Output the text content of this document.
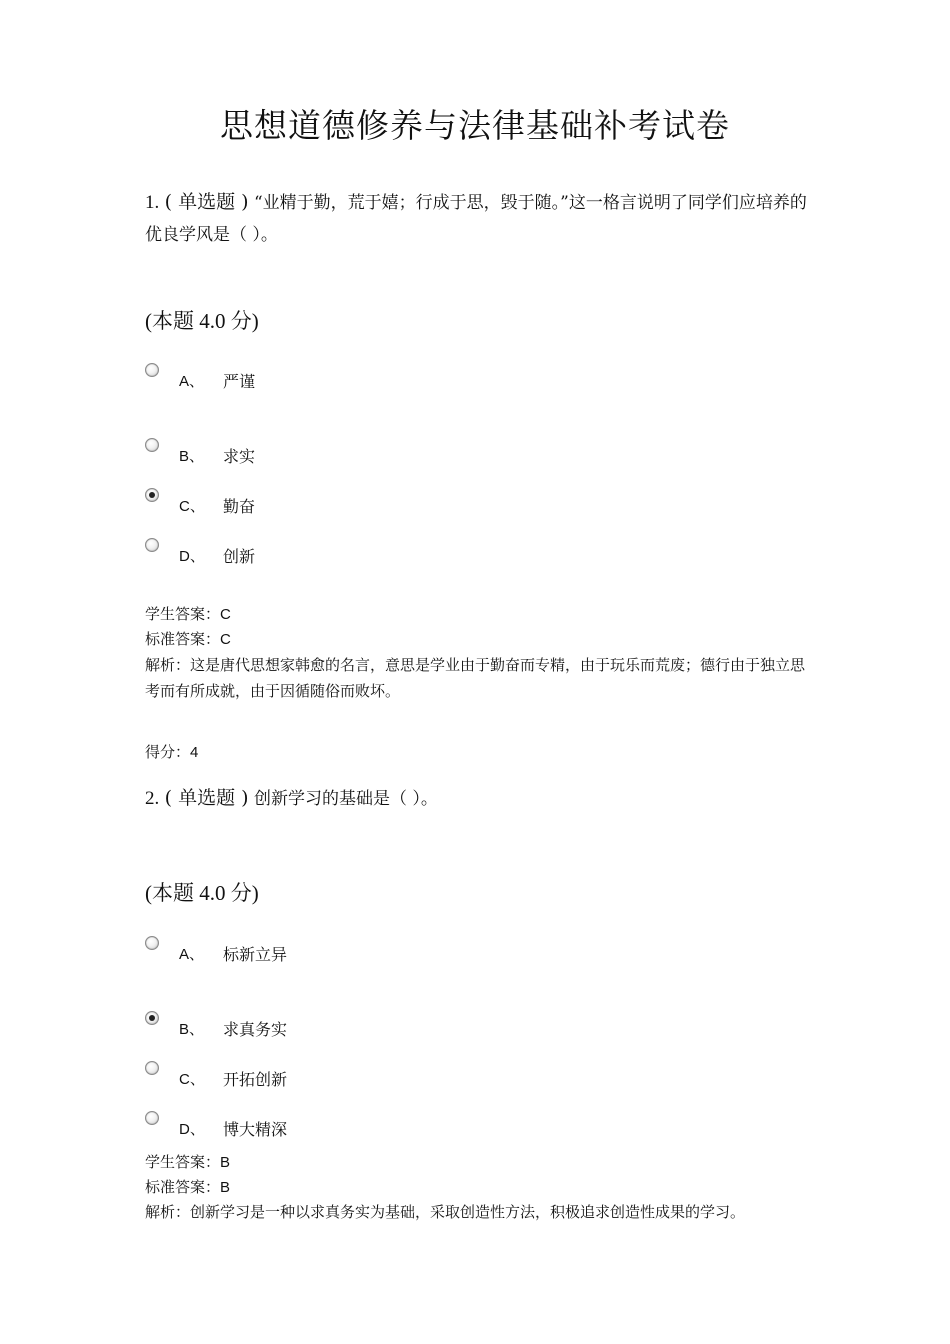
思想道德修养与法律基础补考试卷

1. ( 单选题 ) “业精于勤，荒于嬉；行成于思，毁于随。”这一格言说明了同学们应培养的优良学风是（ ）。

(本题 4.0 分)
A、 严谨
B、 求实
C、 勤奋
D、 创新
学生答案：C
标准答案：C
解析：这是唐代思想家韩愈的名言，意思是学业由于勤奋而专精，由于玩乐而荒废；德行由于独立思考而有所成就，由于因循随俗而败坏。
得分：4

2. ( 单选题 ) 创新学习的基础是（ ）。

(本题 4.0 分)
A、 标新立异
B、 求真务实
C、 开拓创新
D、 博大精深
学生答案：B
标准答案：B
解析：创新学习是一种以求真务实为基础，采取创造性方法，积极追求创造性成果的学习。
